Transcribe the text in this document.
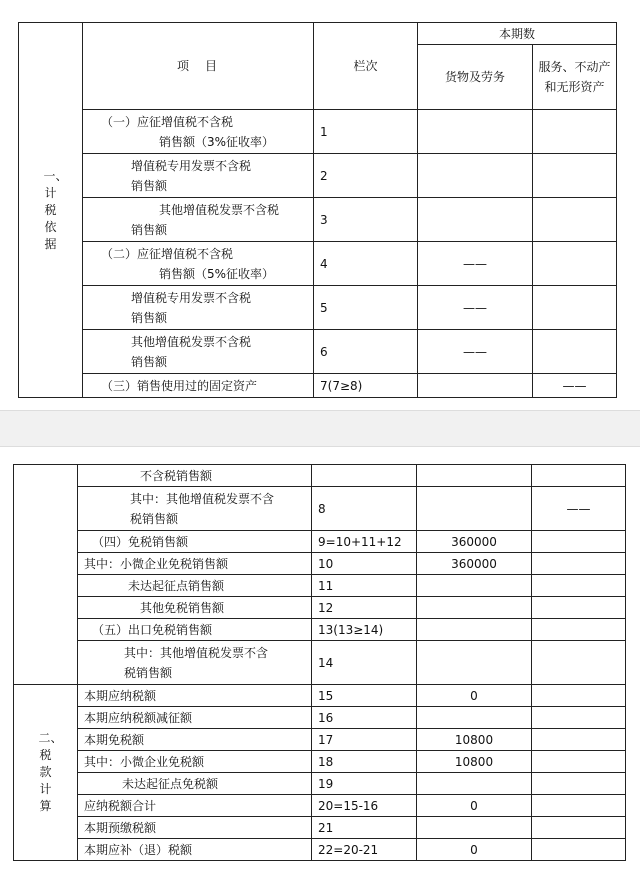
一、计税依据	项　目	栏次	本期数	
			货物及劳务	服务、不动产和无形资产

	（一）应征增值税不含税
销售额（3%征收率）	1		

	增值税专用发票不含税
销售额	2		

	其他增值税发票不含税
销售额	3		

	（二）应征增值税不含税
销售额（5%征收率）	4	——	

	增值税专用发票不含税
销售额	5	——	

	其他增值税发票不含税
销售额	6	——	

	（三）销售使用过的固定资产	7(7≥8)		——

	不含税销售额			

	其中：其他增值税发票不含
税销售额	8		——

	（四）免税销售额	9=10+11+12	360000	

	其中：小微企业免税销售额	10	360000	

	未达起征点销售额	11		

	其他免税销售额	12		

	（五）出口免税销售额	13(13≥14)		

	其中：其他增值税发票不含
税销售额	14		

二、税款计算	本期应纳税额	15	0	

	本期应纳税额减征额	16		

	本期免税额	17	10800	

	其中：小微企业免税额	18	10800	

	未达起征点免税额	19		

	应纳税额合计	20=15-16	0	

	本期预缴税额	21		

	本期应补（退）税额	22=20-21	0	
